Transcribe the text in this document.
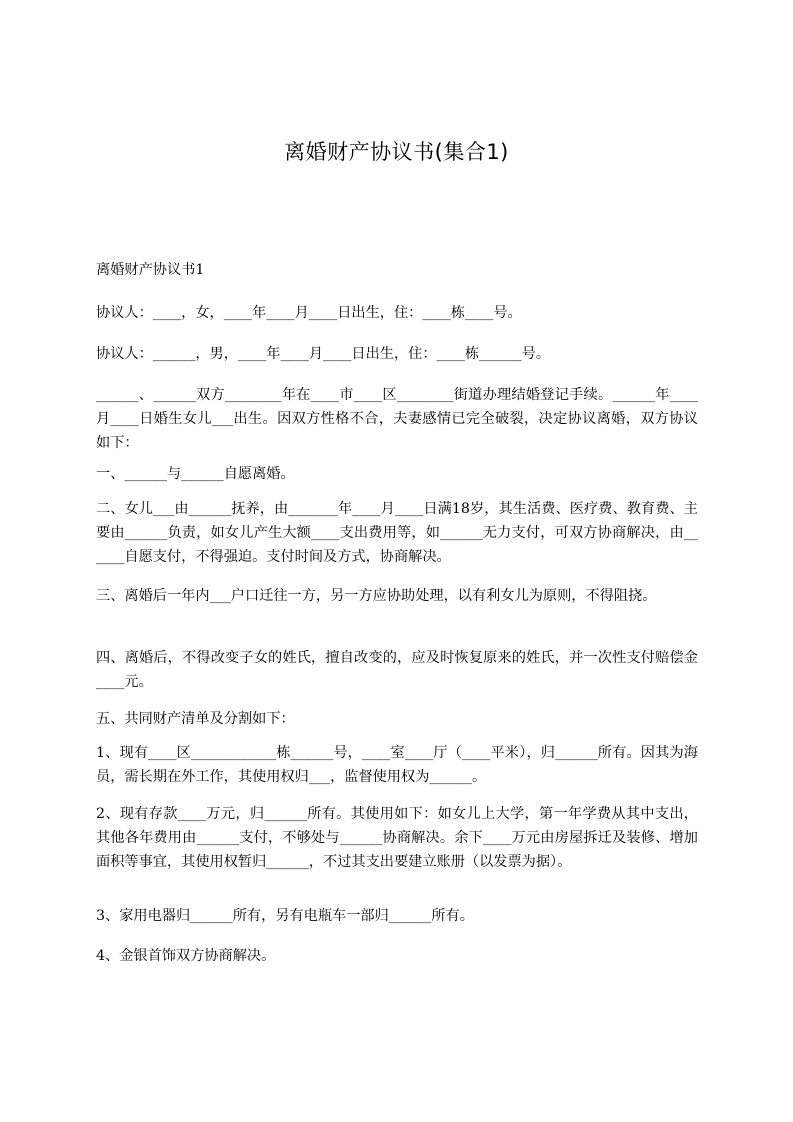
离婚财产协议书(集合1)

离婚财产协议书1

协议人：____，女，____年____月____日出生，住：____栋____号。

协议人：______，男，____年____月____日出生，住：____栋______号。

______、______双方________年在____市____区________街道办理结婚登记手续。______年____月____日婚生女儿___出生。因双方性格不合，夫妻感情已完全破裂，决定协议离婚，双方协议如下：

一、______与______自愿离婚。

二、女儿___由______抚养，由_______年____月____日满18岁，其生活费、医疗费、教育费、主要由______负责，如女儿产生大额____支出费用等，如______无力支付，可双方协商解决，由______自愿支付，不得强迫。支付时间及方式，协商解决。

三、离婚后一年内___户口迁往一方，另一方应协助处理，以有利女儿为原则，不得阻挠。

四、离婚后，不得改变子女的姓氏，擅自改变的，应及时恢复原来的姓氏，并一次性支付赔偿金____元。

五、共同财产清单及分割如下：

1、现有____区____________栋______号，____室____厅（____平米），归______所有。因其为海员，需长期在外工作，其使用权归___，监督使用权为______。

2、现有存款____万元，归______所有。其使用如下：如女儿上大学，第一年学费从其中支出，其他各年费用由______支付，不够处与______协商解决。余下____万元由房屋拆迁及装修、增加面积等事宜，其使用权暂归______，不过其支出要建立账册（以发票为据）。

3、家用电器归______所有，另有电瓶车一部归______所有。

4、金银首饰双方协商解决。
